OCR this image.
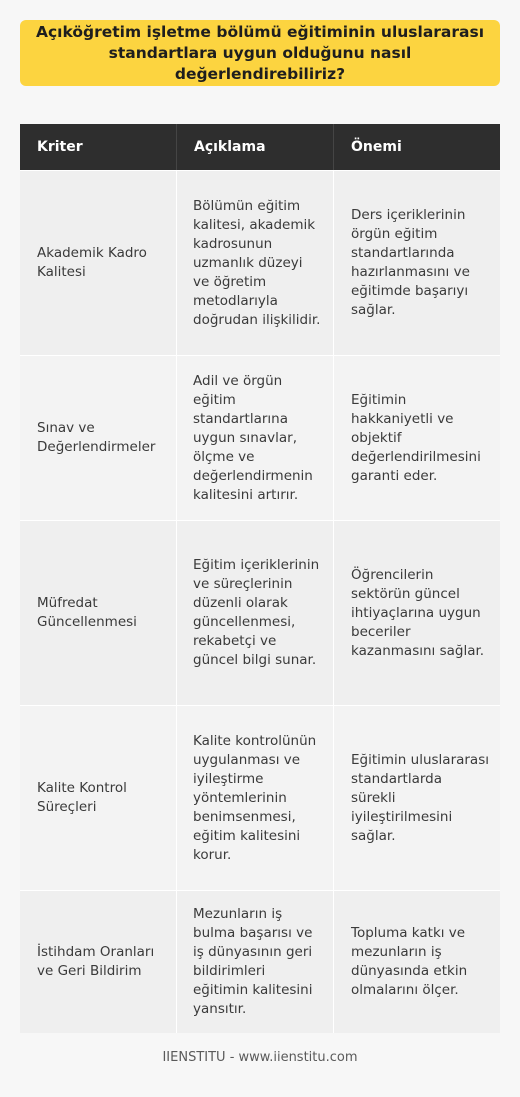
Açıköğretim işletme bölümü eğitiminin uluslararası standartlara uygun olduğunu nasıl değerlendirebiliriz?
Kriter	Açıklama	Önemi
Akademik Kadro Kalitesi
Bölümün eğitim kalitesi, akademik kadrosunun uzmanlık düzeyi ve öğretim metodlarıyla doğrudan ilişkilidir.
Ders içeriklerinin örgün eğitim standartlarında hazırlanmasını ve eğitimde başarıyı sağlar.
Sınav ve Değerlendirmeler
Adil ve örgün eğitim standartlarına uygun sınavlar, ölçme ve değerlendirmenin kalitesini artırır.
Eğitimin hakkaniyetli ve objektif değerlendirilmesini garanti eder.
Müfredat Güncellenmesi
Eğitim içeriklerinin ve süreçlerinin düzenli olarak güncellenmesi, rekabetçi ve güncel bilgi sunar.
Öğrencilerin sektörün güncel ihtiyaçlarına uygun beceriler kazanmasını sağlar.
Kalite Kontrol Süreçleri
Kalite kontrolünün uygulanması ve iyileştirme yöntemlerinin benimsenmesi, eğitim kalitesini korur.
Eğitimin uluslararası standartlarda sürekli iyileştirilmesini sağlar.
İstihdam Oranları ve Geri Bildirim
Mezunların iş bulma başarısı ve iş dünyasının geri bildirimleri eğitimin kalitesini yansıtır.
Topluma katkı ve mezunların iş dünyasında etkin olmalarını ölçer.
IIENSTITU - www.iienstitu.com
